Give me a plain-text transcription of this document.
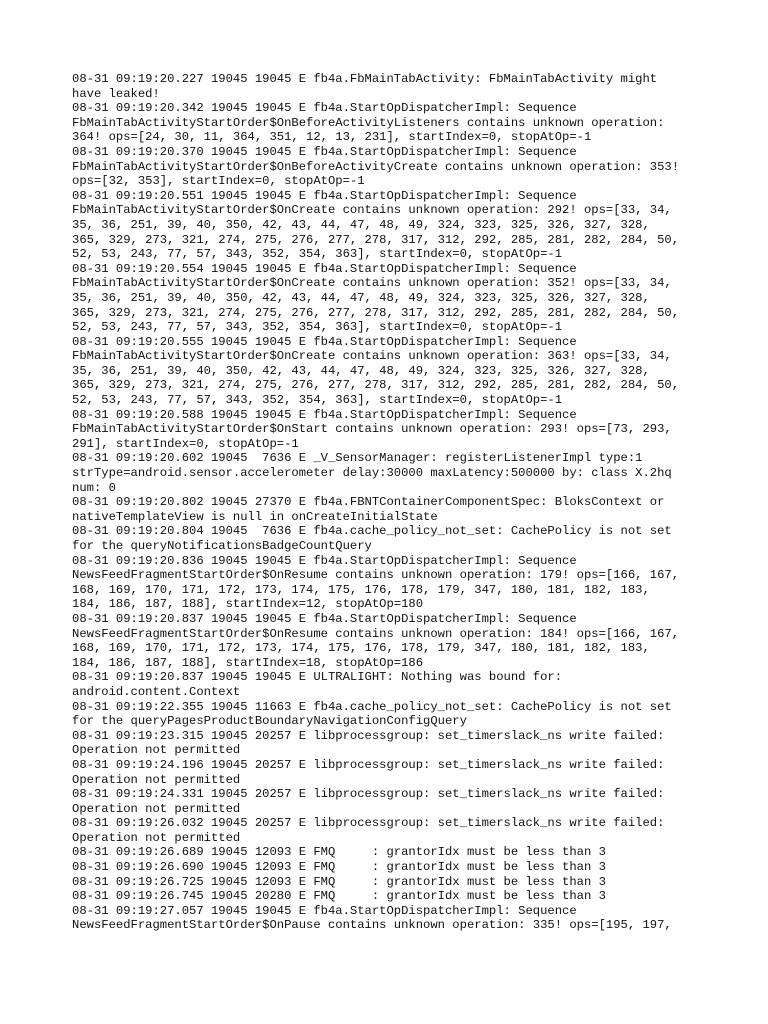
08-31 09:19:20.227 19045 19045 E fb4a.FbMainTabActivity: FbMainTabActivity might
have leaked!
08-31 09:19:20.342 19045 19045 E fb4a.StartOpDispatcherImpl: Sequence
FbMainTabActivityStartOrder$OnBeforeActivityListeners contains unknown operation:
364! ops=[24, 30, 11, 364, 351, 12, 13, 231], startIndex=0, stopAtOp=-1
08-31 09:19:20.370 19045 19045 E fb4a.StartOpDispatcherImpl: Sequence
FbMainTabActivityStartOrder$OnBeforeActivityCreate contains unknown operation: 353!
ops=[32, 353], startIndex=0, stopAtOp=-1
08-31 09:19:20.551 19045 19045 E fb4a.StartOpDispatcherImpl: Sequence
FbMainTabActivityStartOrder$OnCreate contains unknown operation: 292! ops=[33, 34,
35, 36, 251, 39, 40, 350, 42, 43, 44, 47, 48, 49, 324, 323, 325, 326, 327, 328,
365, 329, 273, 321, 274, 275, 276, 277, 278, 317, 312, 292, 285, 281, 282, 284, 50,
52, 53, 243, 77, 57, 343, 352, 354, 363], startIndex=0, stopAtOp=-1
08-31 09:19:20.554 19045 19045 E fb4a.StartOpDispatcherImpl: Sequence
FbMainTabActivityStartOrder$OnCreate contains unknown operation: 352! ops=[33, 34,
35, 36, 251, 39, 40, 350, 42, 43, 44, 47, 48, 49, 324, 323, 325, 326, 327, 328,
365, 329, 273, 321, 274, 275, 276, 277, 278, 317, 312, 292, 285, 281, 282, 284, 50,
52, 53, 243, 77, 57, 343, 352, 354, 363], startIndex=0, stopAtOp=-1
08-31 09:19:20.555 19045 19045 E fb4a.StartOpDispatcherImpl: Sequence
FbMainTabActivityStartOrder$OnCreate contains unknown operation: 363! ops=[33, 34,
35, 36, 251, 39, 40, 350, 42, 43, 44, 47, 48, 49, 324, 323, 325, 326, 327, 328,
365, 329, 273, 321, 274, 275, 276, 277, 278, 317, 312, 292, 285, 281, 282, 284, 50,
52, 53, 243, 77, 57, 343, 352, 354, 363], startIndex=0, stopAtOp=-1
08-31 09:19:20.588 19045 19045 E fb4a.StartOpDispatcherImpl: Sequence
FbMainTabActivityStartOrder$OnStart contains unknown operation: 293! ops=[73, 293,
291], startIndex=0, stopAtOp=-1
08-31 09:19:20.602 19045  7636 E _V_SensorManager: registerListenerImpl type:1
strType=android.sensor.accelerometer delay:30000 maxLatency:500000 by: class X.2hq
num: 0
08-31 09:19:20.802 19045 27370 E fb4a.FBNTContainerComponentSpec: BloksContext or
nativeTemplateView is null in onCreateInitialState
08-31 09:19:20.804 19045  7636 E fb4a.cache_policy_not_set: CachePolicy is not set
for the queryNotificationsBadgeCountQuery
08-31 09:19:20.836 19045 19045 E fb4a.StartOpDispatcherImpl: Sequence
NewsFeedFragmentStartOrder$OnResume contains unknown operation: 179! ops=[166, 167,
168, 169, 170, 171, 172, 173, 174, 175, 176, 178, 179, 347, 180, 181, 182, 183,
184, 186, 187, 188], startIndex=12, stopAtOp=180
08-31 09:19:20.837 19045 19045 E fb4a.StartOpDispatcherImpl: Sequence
NewsFeedFragmentStartOrder$OnResume contains unknown operation: 184! ops=[166, 167,
168, 169, 170, 171, 172, 173, 174, 175, 176, 178, 179, 347, 180, 181, 182, 183,
184, 186, 187, 188], startIndex=18, stopAtOp=186
08-31 09:19:20.837 19045 19045 E ULTRALIGHT: Nothing was bound for:
android.content.Context
08-31 09:19:22.355 19045 11663 E fb4a.cache_policy_not_set: CachePolicy is not set
for the queryPagesProductBoundaryNavigationConfigQuery
08-31 09:19:23.315 19045 20257 E libprocessgroup: set_timerslack_ns write failed:
Operation not permitted
08-31 09:19:24.196 19045 20257 E libprocessgroup: set_timerslack_ns write failed:
Operation not permitted
08-31 09:19:24.331 19045 20257 E libprocessgroup: set_timerslack_ns write failed:
Operation not permitted
08-31 09:19:26.032 19045 20257 E libprocessgroup: set_timerslack_ns write failed:
Operation not permitted
08-31 09:19:26.689 19045 12093 E FMQ     : grantorIdx must be less than 3
08-31 09:19:26.690 19045 12093 E FMQ     : grantorIdx must be less than 3
08-31 09:19:26.725 19045 12093 E FMQ     : grantorIdx must be less than 3
08-31 09:19:26.745 19045 20280 E FMQ     : grantorIdx must be less than 3
08-31 09:19:27.057 19045 19045 E fb4a.StartOpDispatcherImpl: Sequence
NewsFeedFragmentStartOrder$OnPause contains unknown operation: 335! ops=[195, 197,
